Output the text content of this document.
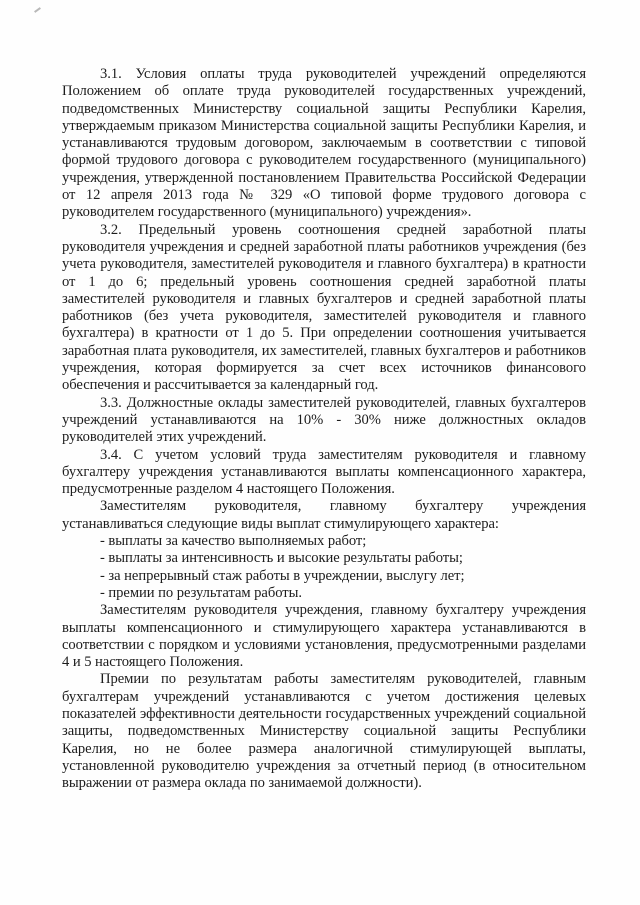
3.1. Условия оплаты труда руководителей учреждений определяются Положением об оплате труда руководителей государственных учреждений, подведомственных Министерству социальной защиты Республики Карелия, утверждаемым приказом Министерства социальной защиты Республики Карелия, и устанавливаются трудовым договором, заключаемым в соответствии с типовой формой трудового договора с руководителем государственного (муниципального) учреждения, утвержденной постановлением Правительства Российской Федерации от 12 апреля 2013 года № 329 «О типовой форме трудового договора с руководителем государственного (муниципального) учреждения».

3.2. Предельный уровень соотношения средней заработной платы руководителя учреждения и средней заработной платы работников учреждения (без учета руководителя, заместителей руководителя и главного бухгалтера) в кратности от 1 до 6; предельный уровень соотношения средней заработной платы заместителей руководителя и главных бухгалтеров и средней заработной платы работников (без учета руководителя, заместителей руководителя и главного бухгалтера) в кратности от 1 до 5. При определении соотношения учитывается заработная плата руководителя, их заместителей, главных бухгалтеров и работников учреждения, которая формируется за счет всех источников финансового обеспечения и рассчитывается за календарный год.

3.3. Должностные оклады заместителей руководителей, главных бухгалтеров учреждений устанавливаются на 10% - 30% ниже должностных окладов руководителей этих учреждений.

3.4. С учетом условий труда заместителям руководителя и главному бухгалтеру учреждения устанавливаются выплаты компенсационного характера, предусмотренные разделом 4 настоящего Положения.

Заместителям руководителя, главному бухгалтеру учреждения устанавливаться следующие виды выплат стимулирующего характера:

- выплаты за качество выполняемых работ;

- выплаты за интенсивность и высокие результаты работы;

- за непрерывный стаж работы в учреждении, выслугу лет;

- премии по результатам работы.

Заместителям руководителя учреждения, главному бухгалтеру учреждения выплаты компенсационного и стимулирующего характера устанавливаются в соответствии с порядком и условиями установления, предусмотренными разделами 4 и 5 настоящего Положения.

Премии по результатам работы заместителям руководителей, главным бухгалтерам учреждений устанавливаются с учетом достижения целевых показателей эффективности деятельности государственных учреждений социальной защиты, подведомственных Министерству социальной защиты Республики Карелия, но не более размера аналогичной стимулирующей выплаты, установленной руководителю учреждения за отчетный период (в относительном выражении от размера оклада по занимаемой должности).
